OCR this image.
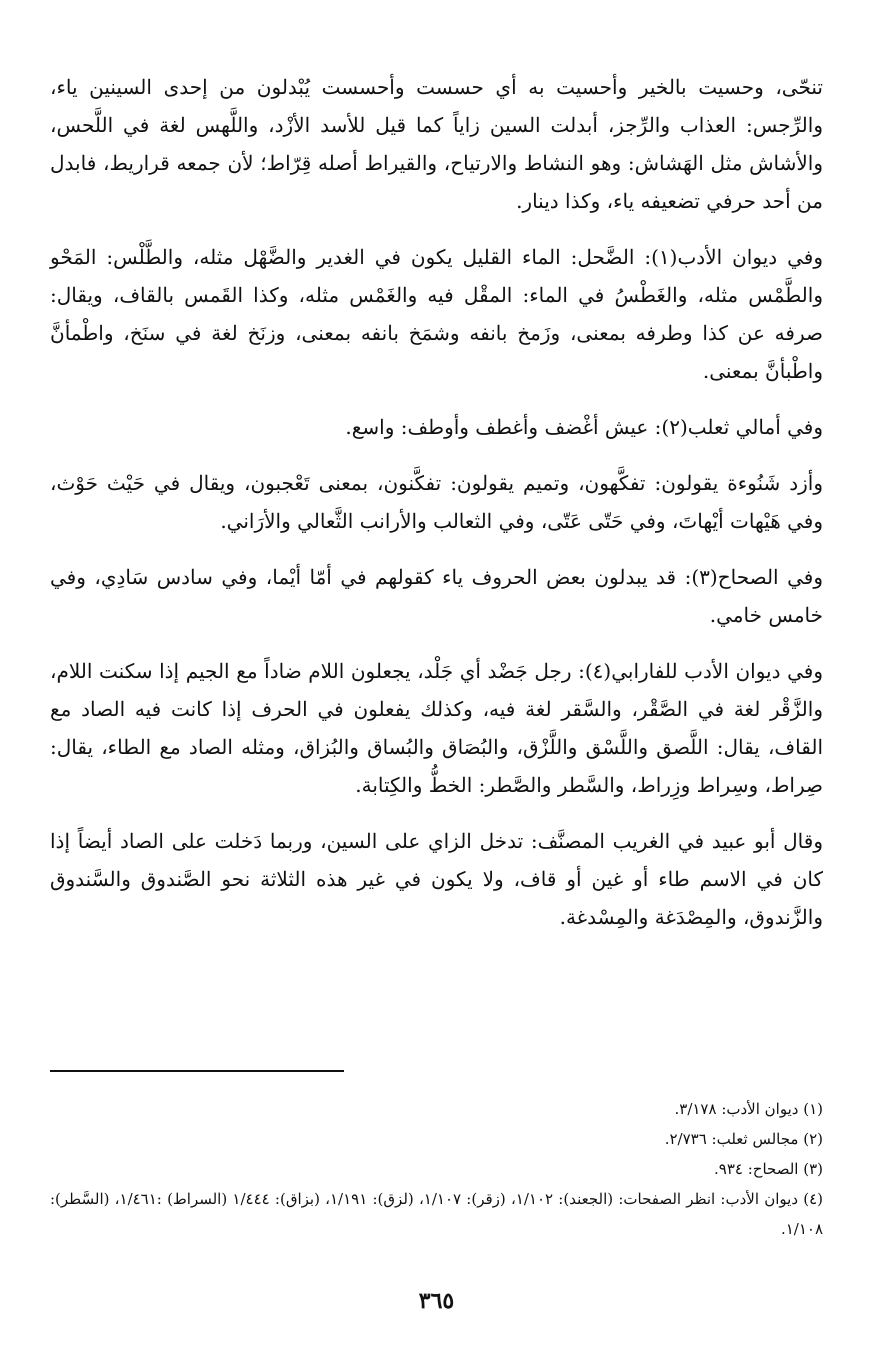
تنحّى، وحسيت بالخير وأحسيت به أي حسست وأحسست يُبْدلون من إحدى السينين ياء، والرِّجس: العذاب والرِّجز، أبدلت السين زاياً كما قيل للأسد الأزْد، واللَّهس لغة في اللَّحس، والأشاش مثل الهَشاش: وهو النشاط والارتياح، والقيراط أصله قِرّاط؛ لأن جمعه قراريط، فابدل من أحد حرفي تضعيفه ياء، وكذا دينار.

وفي ديوان الأدب(١): الضَّحل: الماء القليل يكون في الغدير والضَّهْل مثله، والطَّلْس: المَحْو والطَّمْس مثله، والغَطْسُ في الماء: المقْل فيه والغَمْس مثله، وكذا القَمس بالقاف، ويقال: صرفه عن كذا وطرفه بمعنى، وزَمخ بانفه وشمَخ بانفه بمعنى، وزنَخ لغة في سنَخ، واطْمأنَّ واطْبأنَّ بمعنى.

وفي أمالي ثعلب(٢): عيش أغْضف وأغطف وأوطف: واسع.

وأزد شَنُوءة يقولون: تفكَّهون، وتميم يقولون: تفكَّنون، بمعنى تَعْجبون، ويقال في حَيْث حَوْث، وفي هَيْهات أيْهاتَ، وفي حَتّى عَتّى، وفي الثعالب والأرانب الثَّعالي والأرَاني.

وفي الصحاح(٣): قد يبدلون بعض الحروف ياء كقولهم في أمّا أيْما، وفي سادس سَادِي، وفي خامس خامي.

وفي ديوان الأدب للفارابي(٤): رجل جَضْد أي جَلْد، يجعلون اللام ضاداً مع الجيم إذا سكنت اللام، والزَّقْر لغة في الصَّقْر، والسَّقر لغة فيه، وكذلك يفعلون في الحرف إذا كانت فيه الصاد مع القاف، يقال: اللَّصق واللَّسْق واللَّزْق، والبُصَاق والبُساق والبُزاق، ومثله الصاد مع الطاء، يقال: صِراط، وسِراط وزِراط، والسَّطر والصَّطر: الخطُّ والكِتابة.

وقال أبو عبيد في الغريب المصنَّف: تدخل الزاي على السين، وربما دَخلت على الصاد أيضاً إذا كان في الاسم طاء أو غين أو قاف، ولا يكون في غير هذه الثلاثة نحو الصَّندوق والسَّندوق والزَّندوق، والمِصْدَغة والمِسْدغة.

(١) ديوان الأدب: ٣/١٧٨.

(٢) مجالس ثعلب: ٢/٧٣٦.

(٣) الصحاح: ٩٣٤.

(٤) ديوان الأدب: انظر الصفحات: (الجعند): ١/١٠٢، (زقر): ١/١٠٧، (لزق): ١/١٩١، (بزاق): ١/٤٤٤ (السراط) :١/٤٦١، (السَّطر): ١/١٠٨.

٣٦٥
